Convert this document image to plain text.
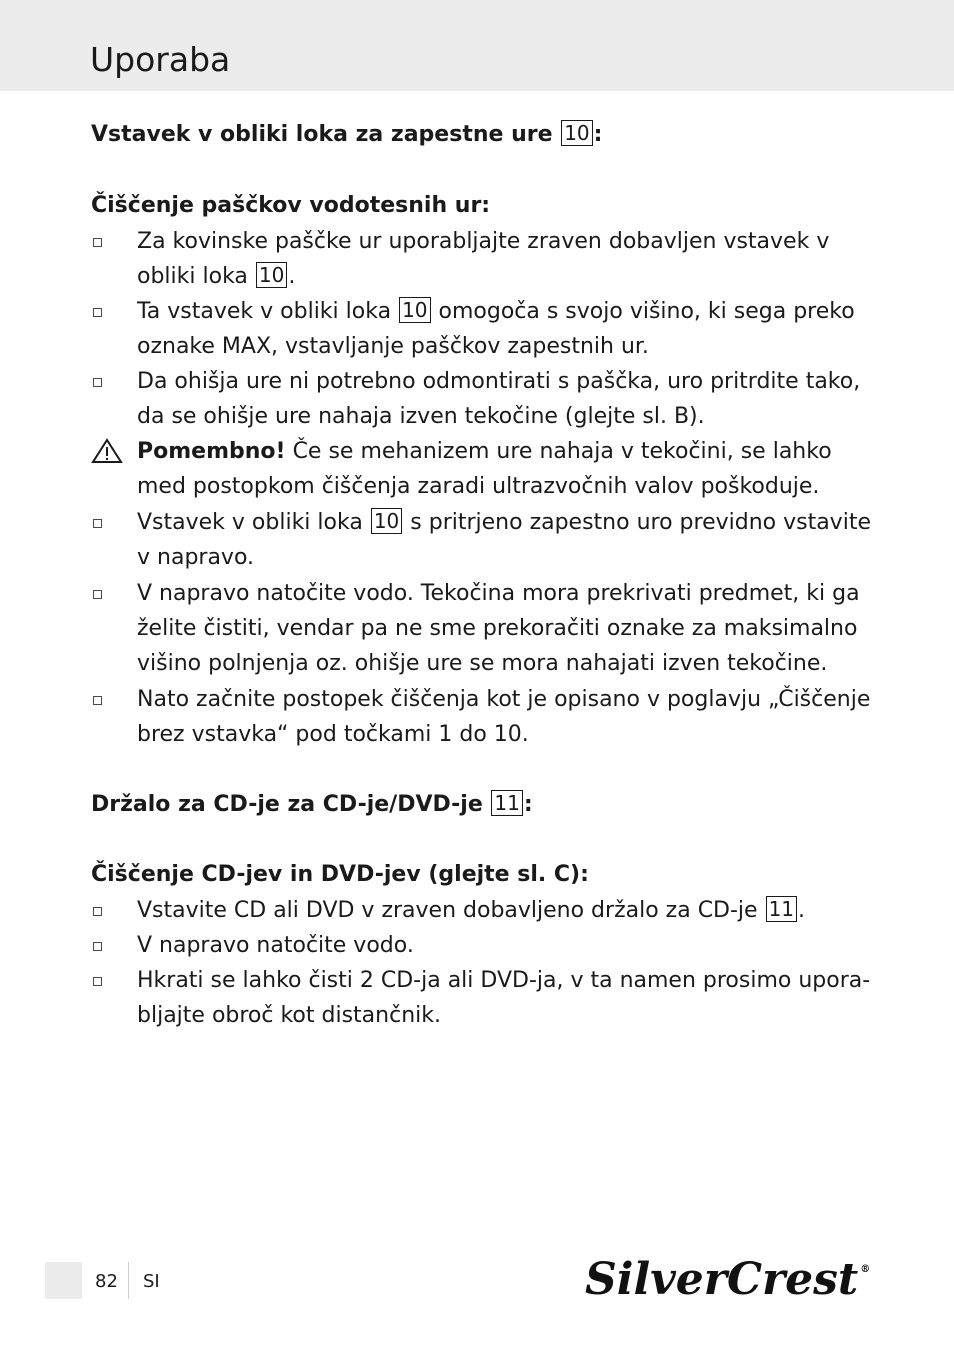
Uporaba
Vstavek v obliki loka za zapestne ure 10 :
Čiščenje paščkov vodotesnih ur:

Za kovinske paščke ur uporabljajte zraven dobavljen vstavek v obliki loka 10 .

Ta vstavek v obliki loka 10 omogoča s svojo višino, ki sega preko oznake MAX, vstavljanje paščkov zapestnih ur.

Da ohišja ure ni potrebno odmontirati s paščka, uro pritrdite tako, da se ohišje ure nahaja izven tekočine (glejte sl. B).

Pomembno! Če se mehanizem ure nahaja v tekočini, se lahko med postopkom čiščenja zaradi ultrazvočnih valov poškoduje.

Vstavek v obliki loka 10 s pritrjeno zapestno uro previdno vstavite v napravo.

V napravo natočite vodo. Tekočina mora prekrivati predmet, ki ga želite čistiti, vendar pa ne sme prekoračiti oznake za maksimalno višino polnjenja oz. ohišje ure se mora nahajati izven tekočine.

Nato začnite postopek čiščenja kot je opisano v poglavju „Čiščenje brez vstavka“ pod točkami 1 do 10.

Držalo za CD-je za CD-je/DVD-je 11 :
Čiščenje CD-jev in DVD-jev (glejte sl. C):

Vstavite CD ali DVD v zraven dobavljeno držalo za CD-je 11 .

V napravo natočite vodo.

Hkrati se lahko čisti 2 CD-ja ali DVD-ja, v ta namen prosimo upora-bljajte obroč kot distančnik.

82 SI	SilverCrest ®
